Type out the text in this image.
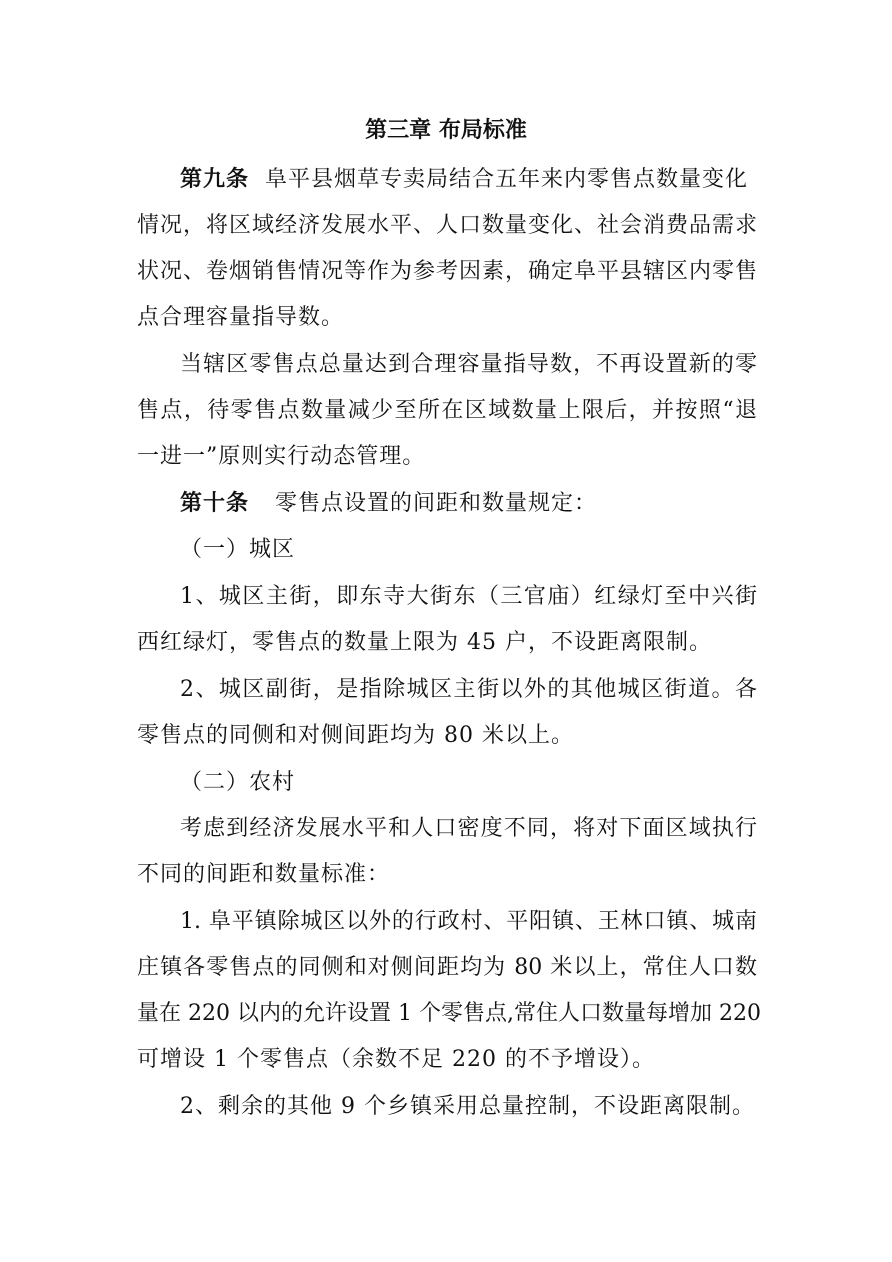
第三章 布局标准
第九条 阜平县烟草专卖局结合五年来内零售点数量变化
情况，将区域经济发展水平、人口数量变化、社会消费品需求
状况、卷烟销售情况等作为参考因素，确定阜平县辖区内零售
点合理容量指导数。
当辖区零售点总量达到合理容量指导数，不再设置新的零
售点，待零售点数量减少至所在区域数量上限后，并按照“退
一进一”原则实行动态管理。
第十条 零售点设置的间距和数量规定：
（一）城区
1、城区主街，即东寺大街东（三官庙）红绿灯至中兴街
西红绿灯，零售点的数量上限为 45 户，不设距离限制。
2、城区副街，是指除城区主街以外的其他城区街道。各
零售点的同侧和对侧间距均为 80 米以上。
（二）农村
考虑到经济发展水平和人口密度不同，将对下面区域执行
不同的间距和数量标准：
1. 阜平镇除城区以外的行政村、平阳镇、王林口镇、城南
庄镇各零售点的同侧和对侧间距均为 80 米以上，常住人口数
量在 220 以内的允许设置 1 个零售点,常住人口数量每增加 220
可增设 1 个零售点（余数不足 220 的不予增设）。
2、剩余的其他 9 个乡镇采用总量控制，不设距离限制。
